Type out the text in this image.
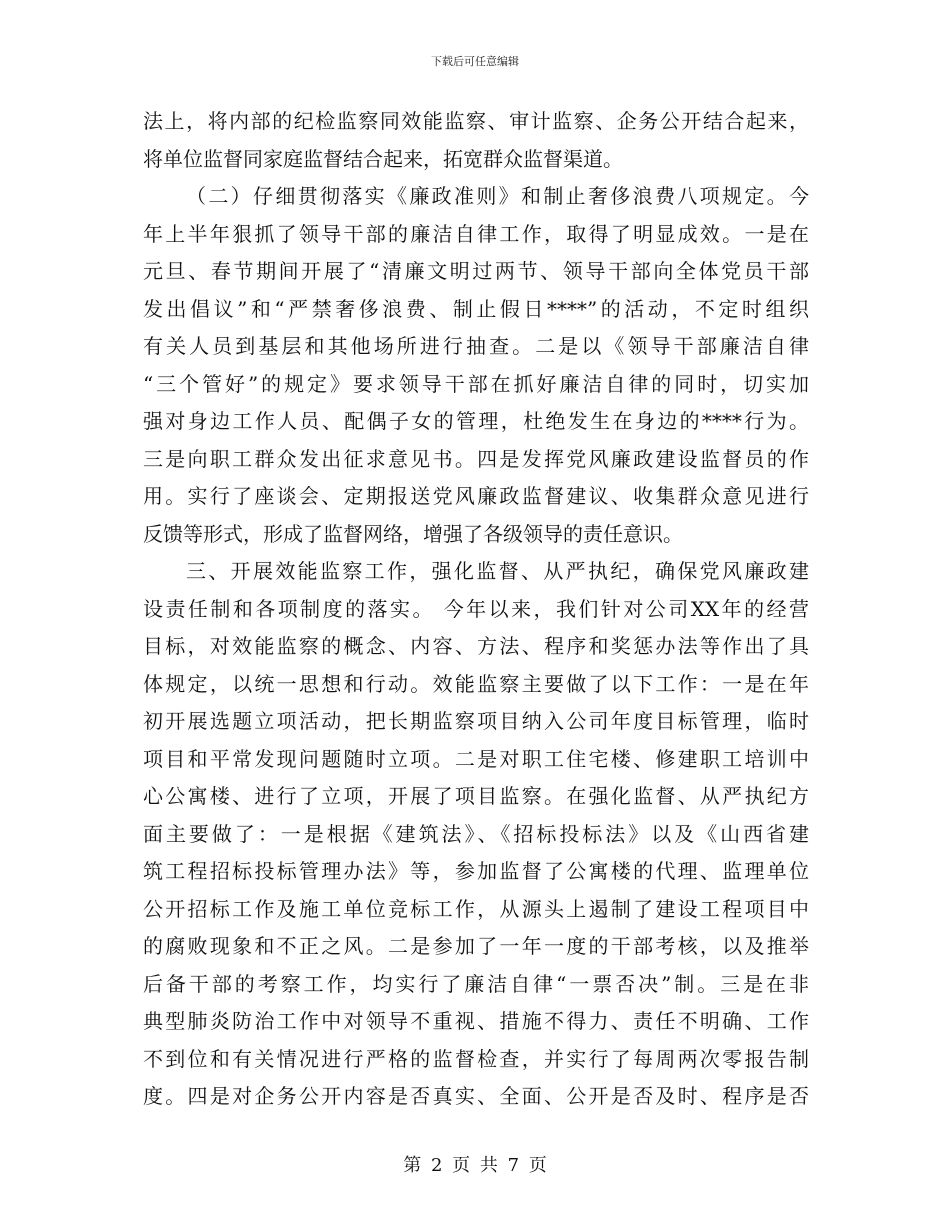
下载后可任意编辑
法上，将内部的纪检监察同效能监察、审计监察、企务公开结合起来，
将单位监督同家庭监督结合起来，拓宽群众监督渠道。
（二）仔细贯彻落实《廉政准则》和制止奢侈浪费八项规定。今
年上半年狠抓了领导干部的廉洁自律工作，取得了明显成效。一是在
元旦、春节期间开展了“清廉文明过两节、领导干部向全体党员干部
发出倡议”和“严禁奢侈浪费、制止假日****”的活动，不定时组织
有关人员到基层和其他场所进行抽查。二是以《领导干部廉洁自律
“三个管好”的规定》要求领导干部在抓好廉洁自律的同时，切实加
强对身边工作人员、配偶子女的管理，杜绝发生在身边的****行为。
三是向职工群众发出征求意见书。四是发挥党风廉政建设监督员的作
用。实行了座谈会、定期报送党风廉政监督建议、收集群众意见进行
反馈等形式，形成了监督网络，增强了各级领导的责任意识。
三、开展效能监察工作，强化监督、从严执纪，确保党风廉政建
设责任制和各项制度的落实。 今年以来，我们针对公司XX年的经营
目标，对效能监察的概念、内容、方法、程序和奖惩办法等作出了具
体规定，以统一思想和行动。效能监察主要做了以下工作：一是在年
初开展选题立项活动，把长期监察项目纳入公司年度目标管理，临时
项目和平常发现问题随时立项。二是对职工住宅楼、修建职工培训中
心公寓楼、进行了立项，开展了项目监察。在强化监督、从严执纪方
面主要做了：一是根据《建筑法》、《招标投标法》以及《山西省建
筑工程招标投标管理办法》等，参加监督了公寓楼的代理、监理单位
公开招标工作及施工单位竞标工作，从源头上遏制了建设工程项目中
的腐败现象和不正之风。二是参加了一年一度的干部考核，以及推举
后备干部的考察工作，均实行了廉洁自律“一票否决”制。三是在非
典型肺炎防治工作中对领导不重视、措施不得力、责任不明确、工作
不到位和有关情况进行严格的监督检查，并实行了每周两次零报告制
度。四是对企务公开内容是否真实、全面、公开是否及时、程序是否
第 2 页 共 7 页
